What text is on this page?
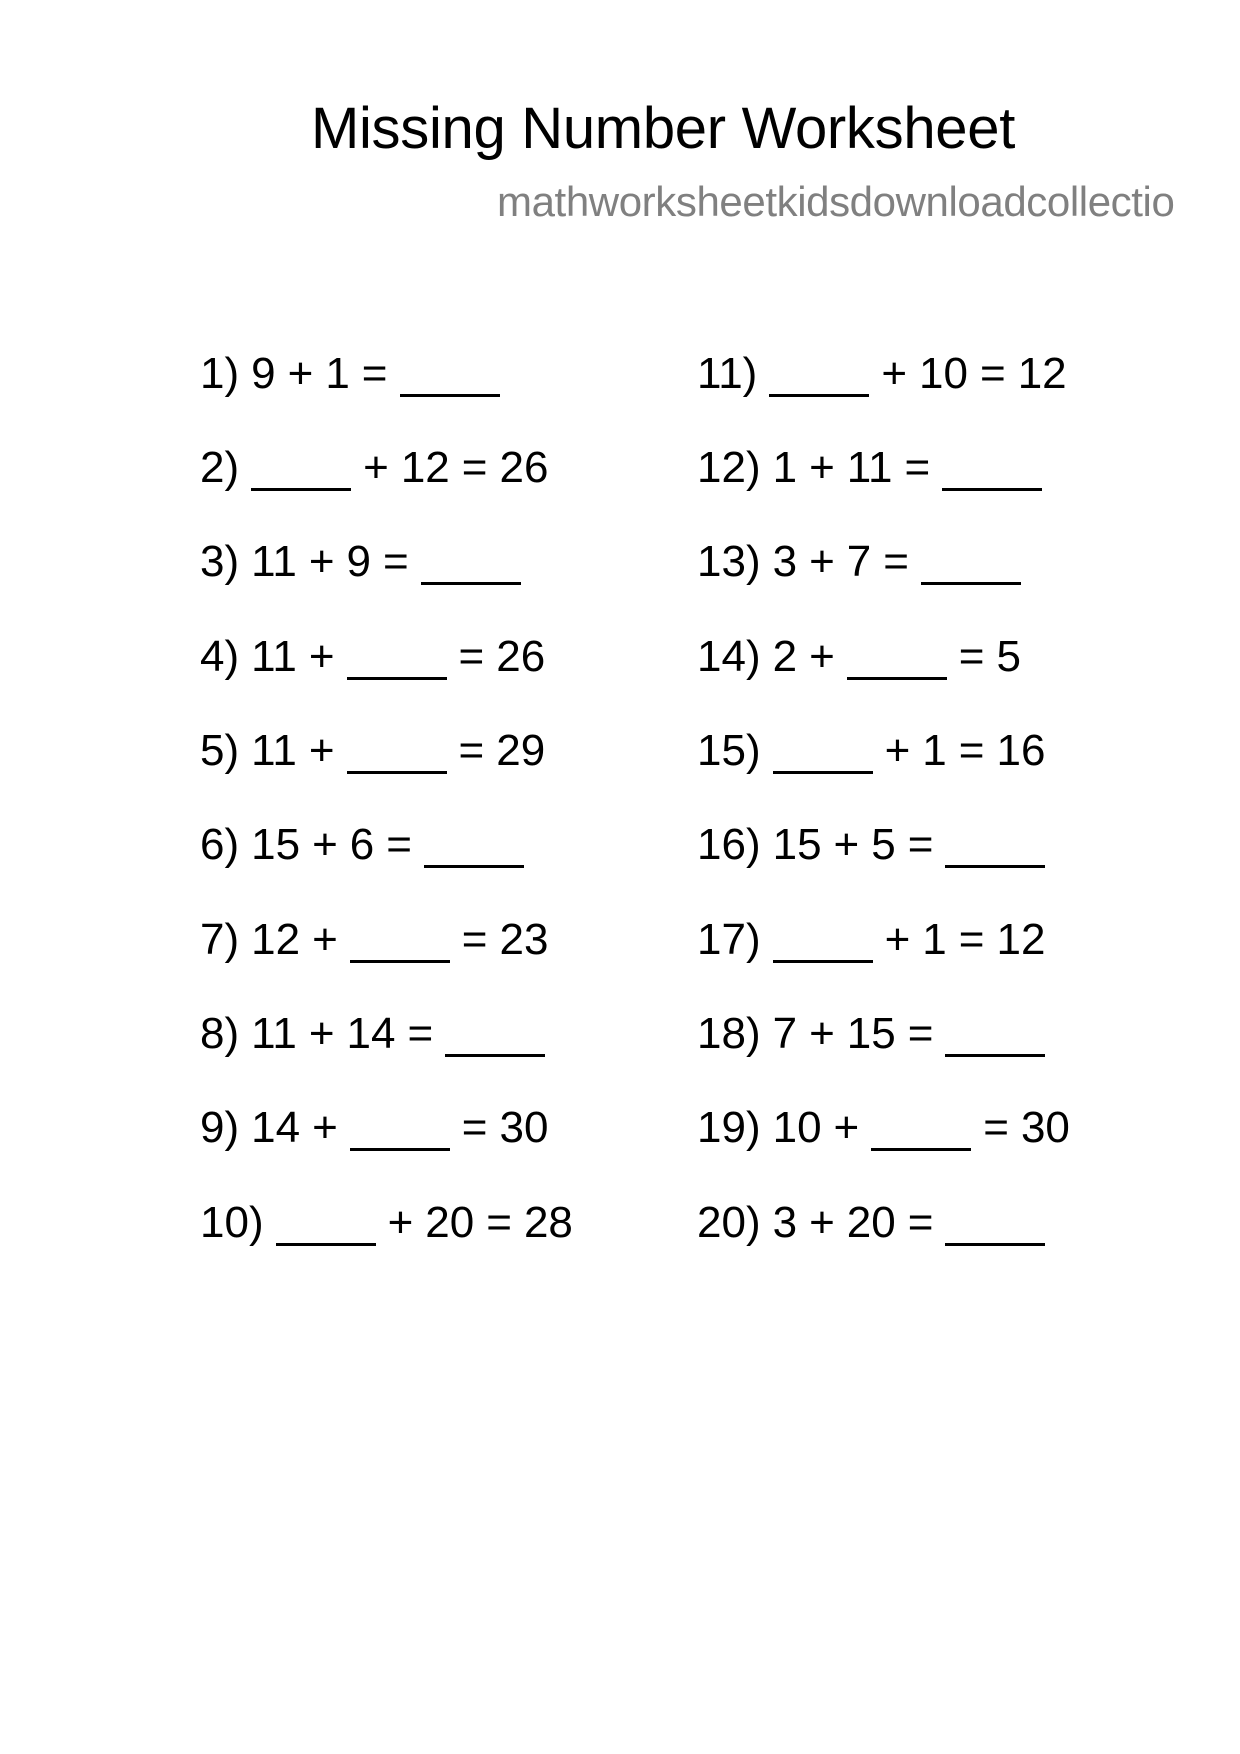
Missing Number Worksheet
mathworksheetkidsdownloadcollectio
1) 9 + 1 =
2)	+ 12 = 26
3) 11 + 9 =
4) 11 +	= 26
5) 11 +	= 29
6) 15 + 6 =
7) 12 +	= 23
8) 11 + 14 =
9) 14 +	= 30
10)	+ 20 = 28
11)	+ 10 = 12
12) 1 + 11 =
13) 3 + 7 =
14) 2 +	= 5
15)	+ 1 = 16
16) 15 + 5 =
17)	+ 1 = 12
18) 7 + 15 =
19) 10 +	= 30
20) 3 + 20 =
